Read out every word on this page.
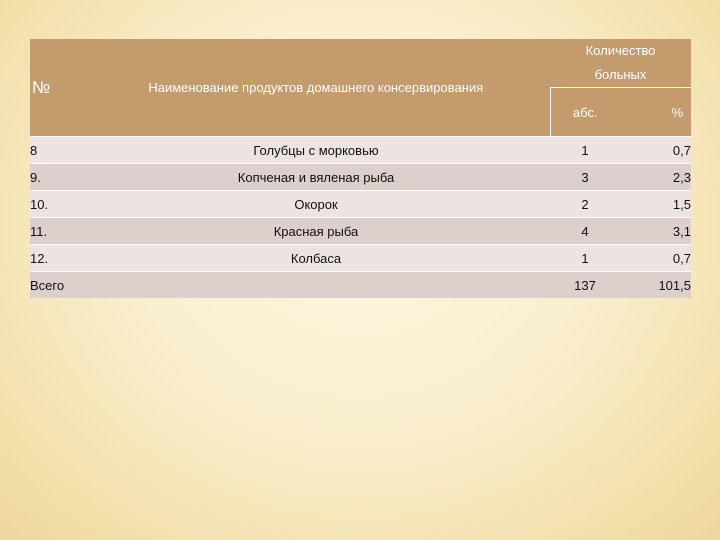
№	Наименование продуктов домашнего консервирования	Количество
больных	

		абс.	%
8	Голубцы с морковью	1	0,7
9.	Копченая и вяленая рыба	3	2,3
10.	Окорок	2	1,5
11.	Красная рыба	4	3,1
12.	Колбаса	1	0,7
Всего		137	101,5
